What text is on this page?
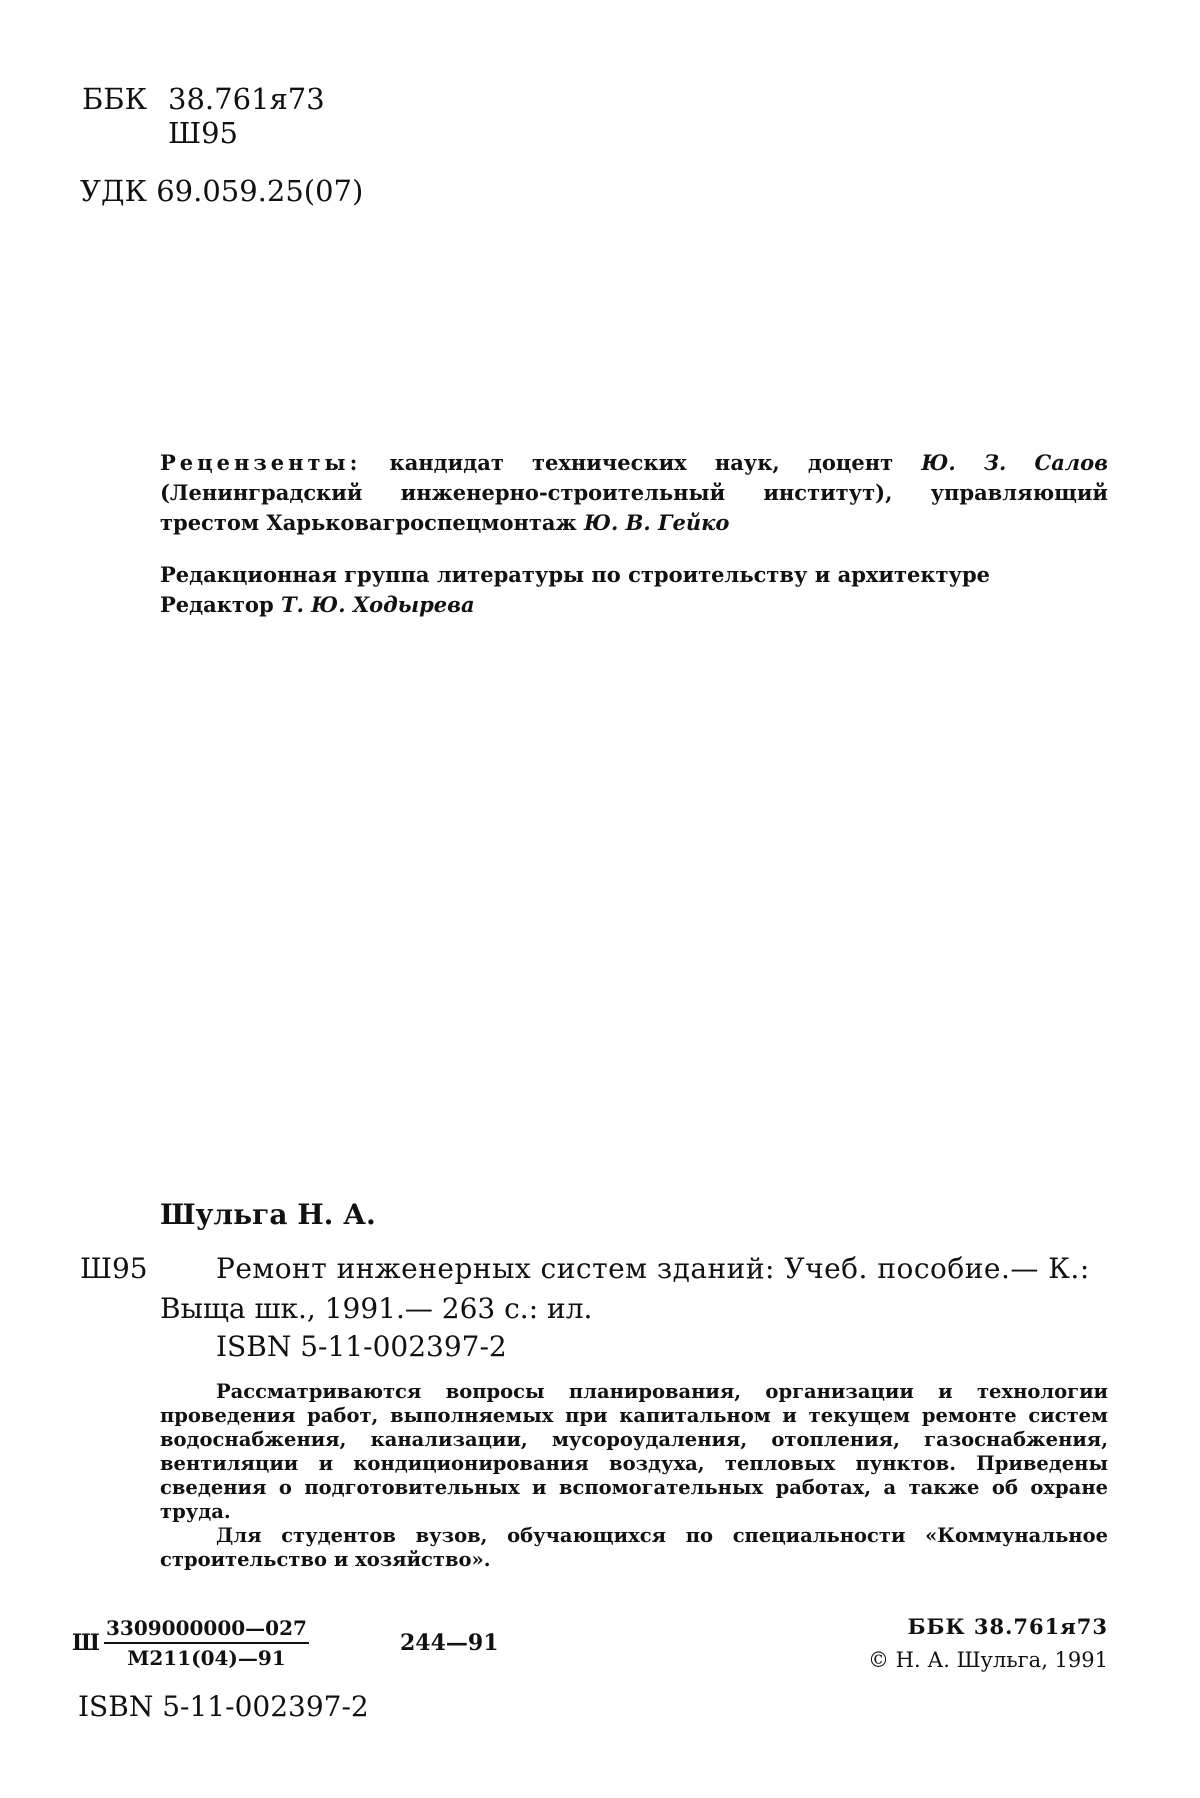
ББК 38.761я73
Ш95
УДК 69.059.25(07)
Рецензенты: кандидат технических наук, доцент Ю. З. Салов (Ленинградский инженерно-строительный институт), управляющий трестом Харьковагроспецмонтаж Ю. В. Гейко
Редакционная группа литературы по строительству и архитектуре
Редактор Т. Ю. Ходырева
Шульга Н. А.
Ш95 Ремонт инженерных систем зданий: Учеб. пособие.— К.:
Выща шк., 1991.— 263 с.: ил.
ISBN 5-11-002397-2

Рассматриваются вопросы планирования, организации и технологии проведения работ, выполняемых при капитальном и текущем ремонте систем водоснабжения, канализации, мусороудаления, отопления, газоснабжения, вентиляции и кондиционирования воздуха, тепловых пунктов. Приведены сведения о подготовительных и вспомогательных работах, а также об охране труда.

Для студентов вузов, обучающихся по специальности «Коммунальное строительство и хозяйство».

Ш
3309000000—027
М211(04)—91
244—91
ББК 38.761я73
© Н. А. Шульга, 1991
ISBN 5-11-002397-2
